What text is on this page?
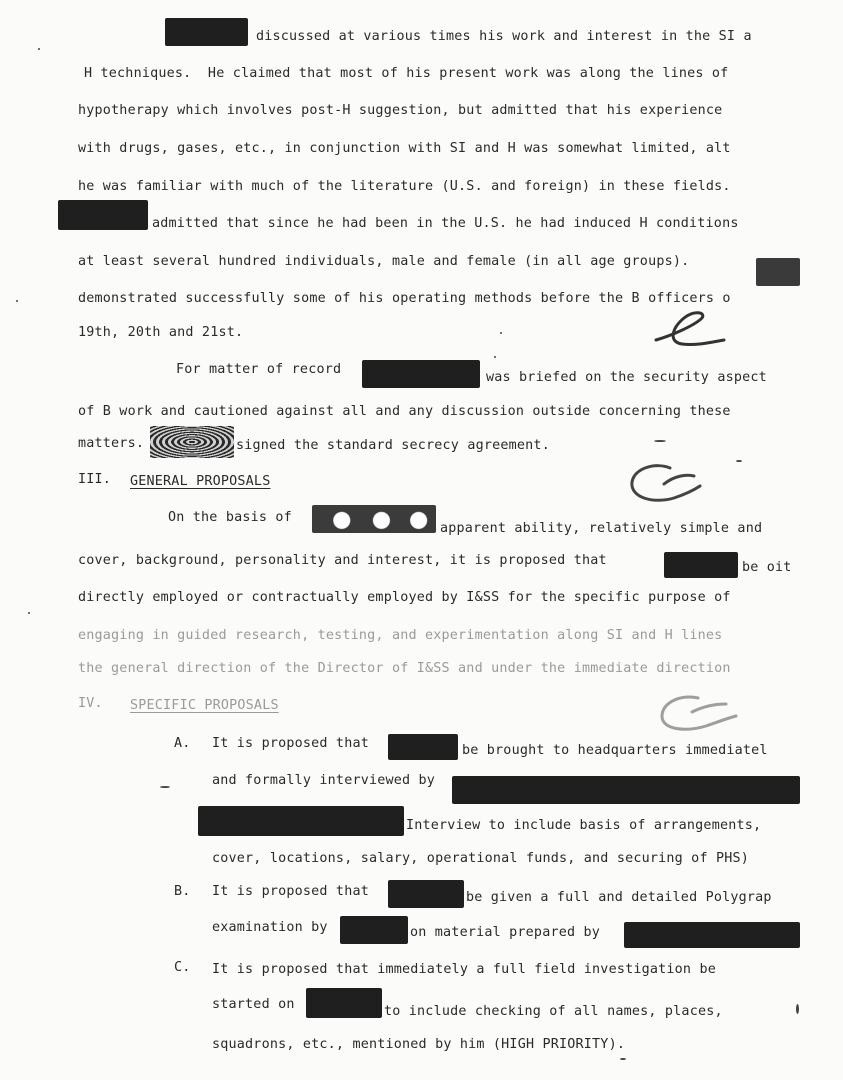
discussed at various times his work and interest in the SI a
H techniques.  He claimed that most of his present work was along the lines of
hypotherapy which involves post-H suggestion, but admitted that his experience
with drugs, gases, etc., in conjunction with SI and H was somewhat limited, alt
he was familiar with much of the literature (U.S. and foreign) in these fields.
admitted that since he had been in the U.S. he had induced H conditions
at least several hundred individuals, male and female (in all age groups).
demonstrated successfully some of his operating methods before the B officers o
19th, 20th and 21st.
For matter of record
was briefed on the security aspect
of B work and cautioned against all and any discussion outside concerning these
matters.	signed the standard secrecy agreement.
III. GENERAL PROPOSALS
On the basis of
apparent ability, relatively simple and
cover, background, personality and interest, it is proposed that	be oit
directly employed or contractually employed by I&SS for the specific purpose of
engaging in guided research, testing, and experimentation along SI and H lines
the general direction of the Director of I&SS and under the immediate direction
IV. SPECIFIC PROPOSALS
A. It is proposed that	be brought to headquarters immediatel
and formally interviewed by
Interview to include basis of arrangements,
cover, locations, salary, operational funds, and securing of PHS)
B. It is proposed that	be given a full and detailed Polygrap
examination by	on material prepared by
C. It is proposed that immediately a full field investigation be
started on	to include checking of all names, places,
squadrons, etc., mentioned by him (HIGH PRIORITY).
